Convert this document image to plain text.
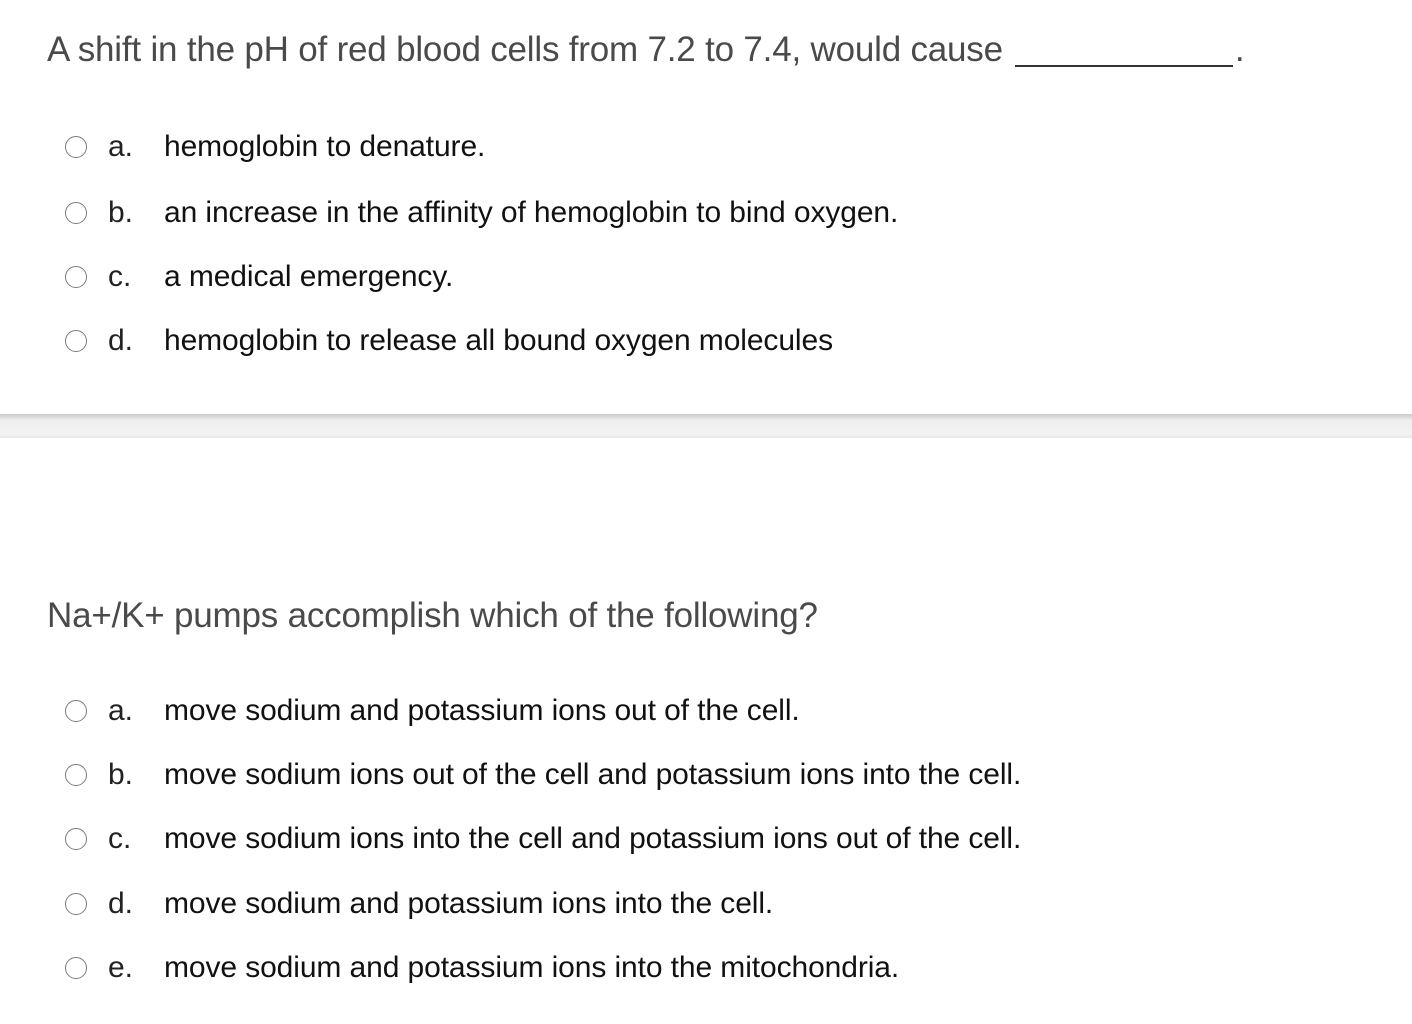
A shift in the pH of red blood cells from 7.2 to 7.4, would cause	.
a. hemoglobin to denature.
b. an increase in the affinity of hemoglobin to bind oxygen.
c. a medical emergency.
d. hemoglobin to release all bound oxygen molecules
Na+/K+ pumps accomplish which of the following?
a. move sodium and potassium ions out of the cell.
b. move sodium ions out of the cell and potassium ions into the cell.
c. move sodium ions into the cell and potassium ions out of the cell.
d. move sodium and potassium ions into the cell.
e. move sodium and potassium ions into the mitochondria.
